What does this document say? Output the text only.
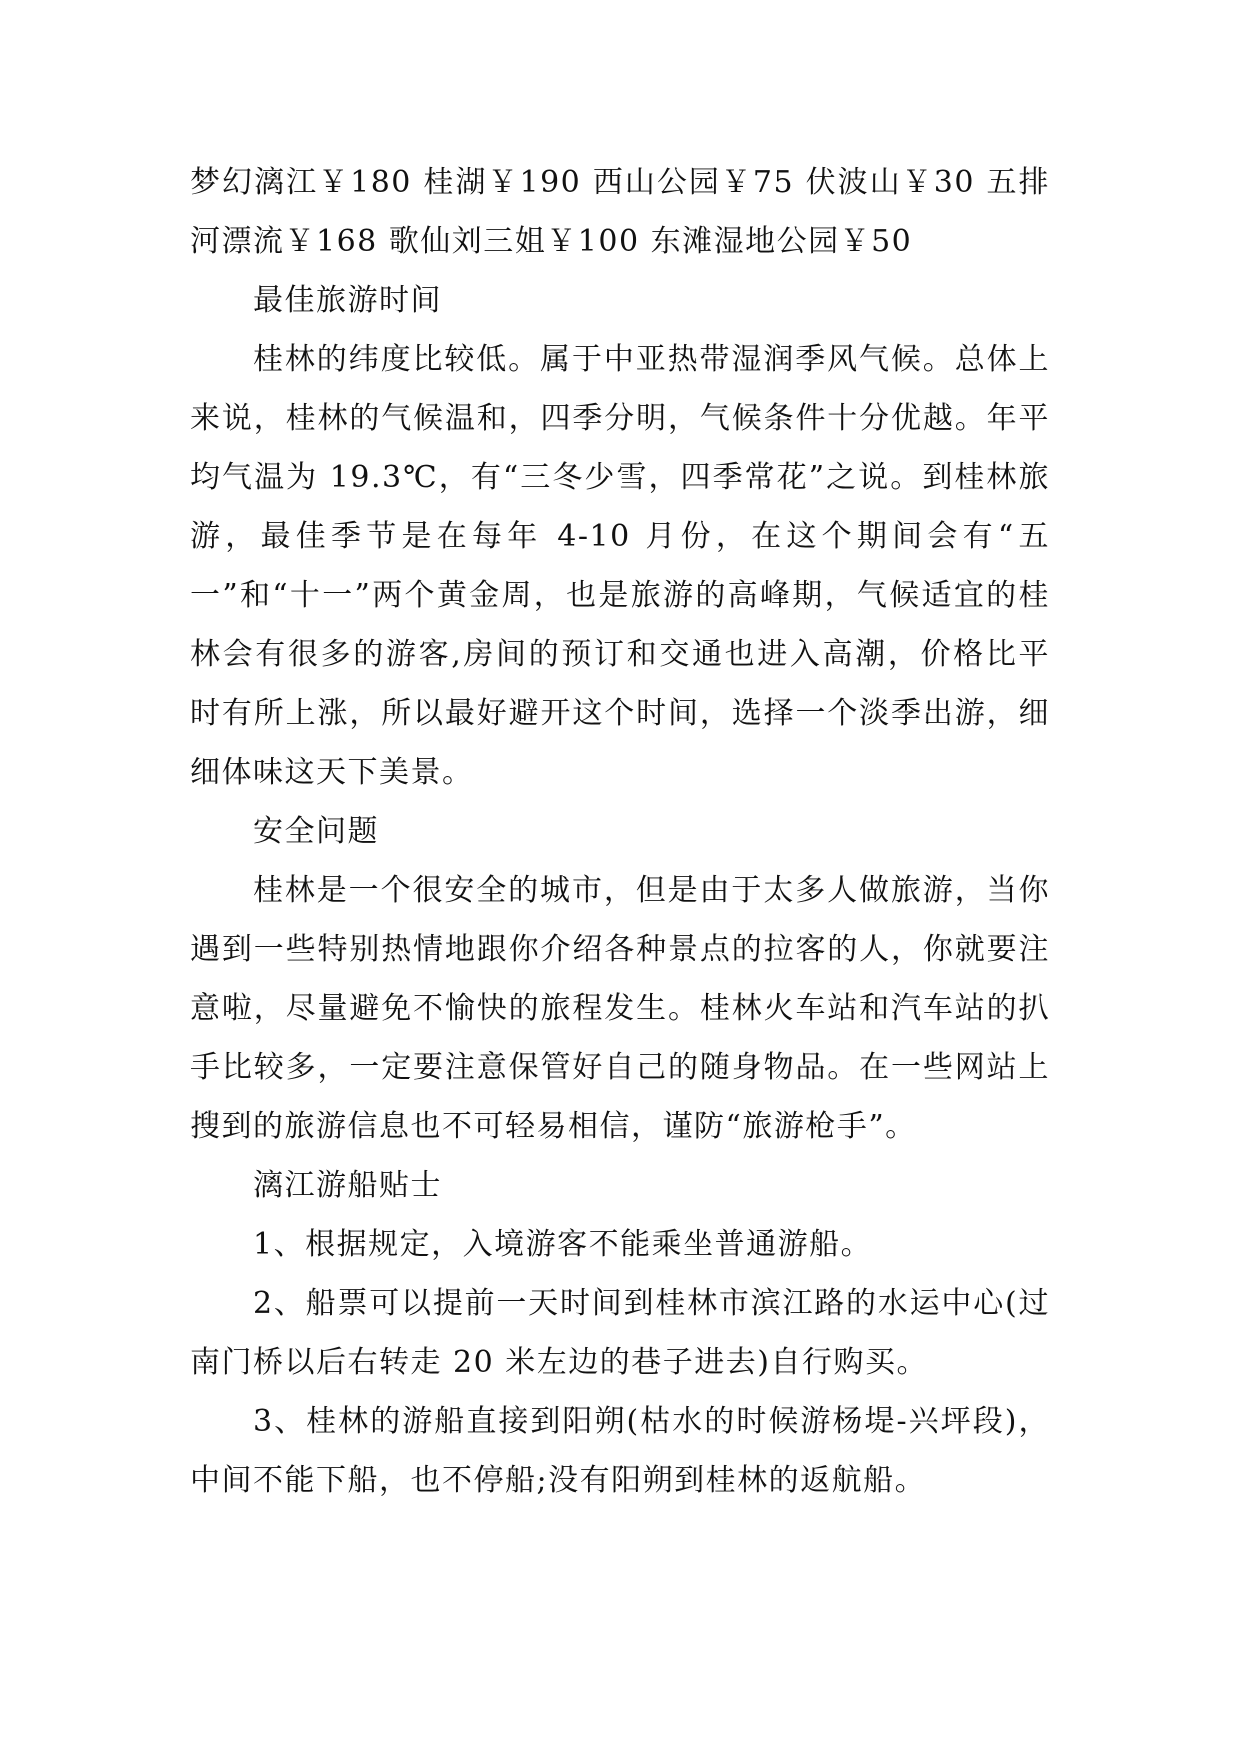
梦幻漓江￥180 桂湖￥190 西山公园￥75 伏波山￥30 五排河漂流￥168 歌仙刘三姐￥100 东滩湿地公园￥50

最佳旅游时间

桂林的纬度比较低。属于中亚热带湿润季风气候。总体上来说，桂林的气候温和，四季分明，气候条件十分优越。年平均气温为 19.3℃，有“三冬少雪，四季常花”之说。到桂林旅游，最佳季节是在每年 4-10 月份，在这个期间会有“五一”和“十一”两个黄金周，也是旅游的高峰期，气候适宜的桂林会有很多的游客,房间的预订和交通也进入高潮，价格比平时有所上涨，所以最好避开这个时间，选择一个淡季出游，细细体味这天下美景。

安全问题

桂林是一个很安全的城市，但是由于太多人做旅游，当你遇到一些特别热情地跟你介绍各种景点的拉客的人，你就要注意啦，尽量避免不愉快的旅程发生。桂林火车站和汽车站的扒手比较多，一定要注意保管好自己的随身物品。在一些网站上搜到的旅游信息也不可轻易相信，谨防“旅游枪手”。

漓江游船贴士

1、根据规定，入境游客不能乘坐普通游船。

2、船票可以提前一天时间到桂林市滨江路的水运中心(过南门桥以后右转走 20 米左边的巷子进去)自行购买。

3、桂林的游船直接到阳朔(枯水的时候游杨堤-兴坪段)，中间不能下船，也不停船;没有阳朔到桂林的返航船。
